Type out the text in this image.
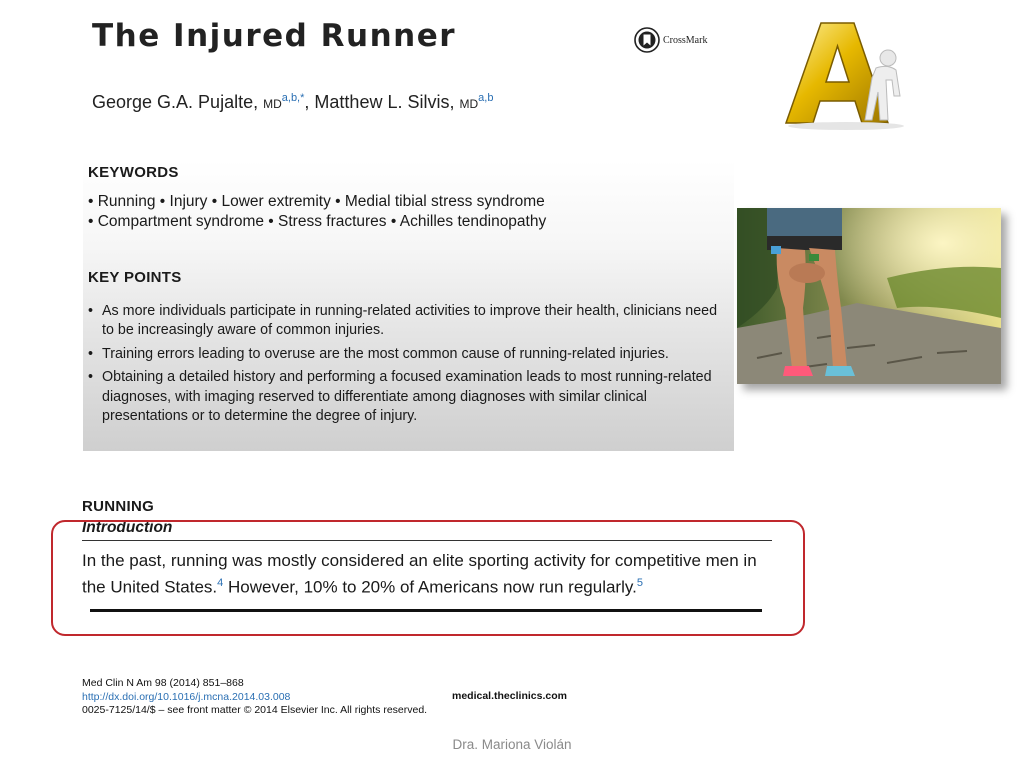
The Injured Runner	CrossMark
George G.A. Pujalte, $MD^{a,b,*}$, Matthew L. Silvis, MD$^{a,b}$
KEYWORDS
• Running • Injury • Lower extremity • Medial tibial stress syndrome
• Compartment syndrome • Stress fractures • Achilles tendinopathy
KEY POINTS
• As more individuals participate in running-related activities to improve their health, clinicians need to be increasingly aware of common injuries.
• Training errors leading to overuse are the most common cause of running-related injuries.
• Obtaining a detailed history and performing a focused examination leads to most running-related diagnoses, with imaging reserved to differentiate among diagnoses with similar clinical presentations or to determine the degree of injury.
RUNNING
Introduction
In the past, running was mostly considered an elite sporting activity for competitive men in the United States.$^4$ However, 10% to 20% of Americans now run regularly.$^5$
Med Clin N Am 98 (2014) 851–868
http://dx.doi.org/10.1016/j.mcna.2014.03.008
0025-7125/14/$ – see front matter © 2014 Elsevier Inc. All rights reserved.
medical.theclinics.com
Dra. Mariona Violán
